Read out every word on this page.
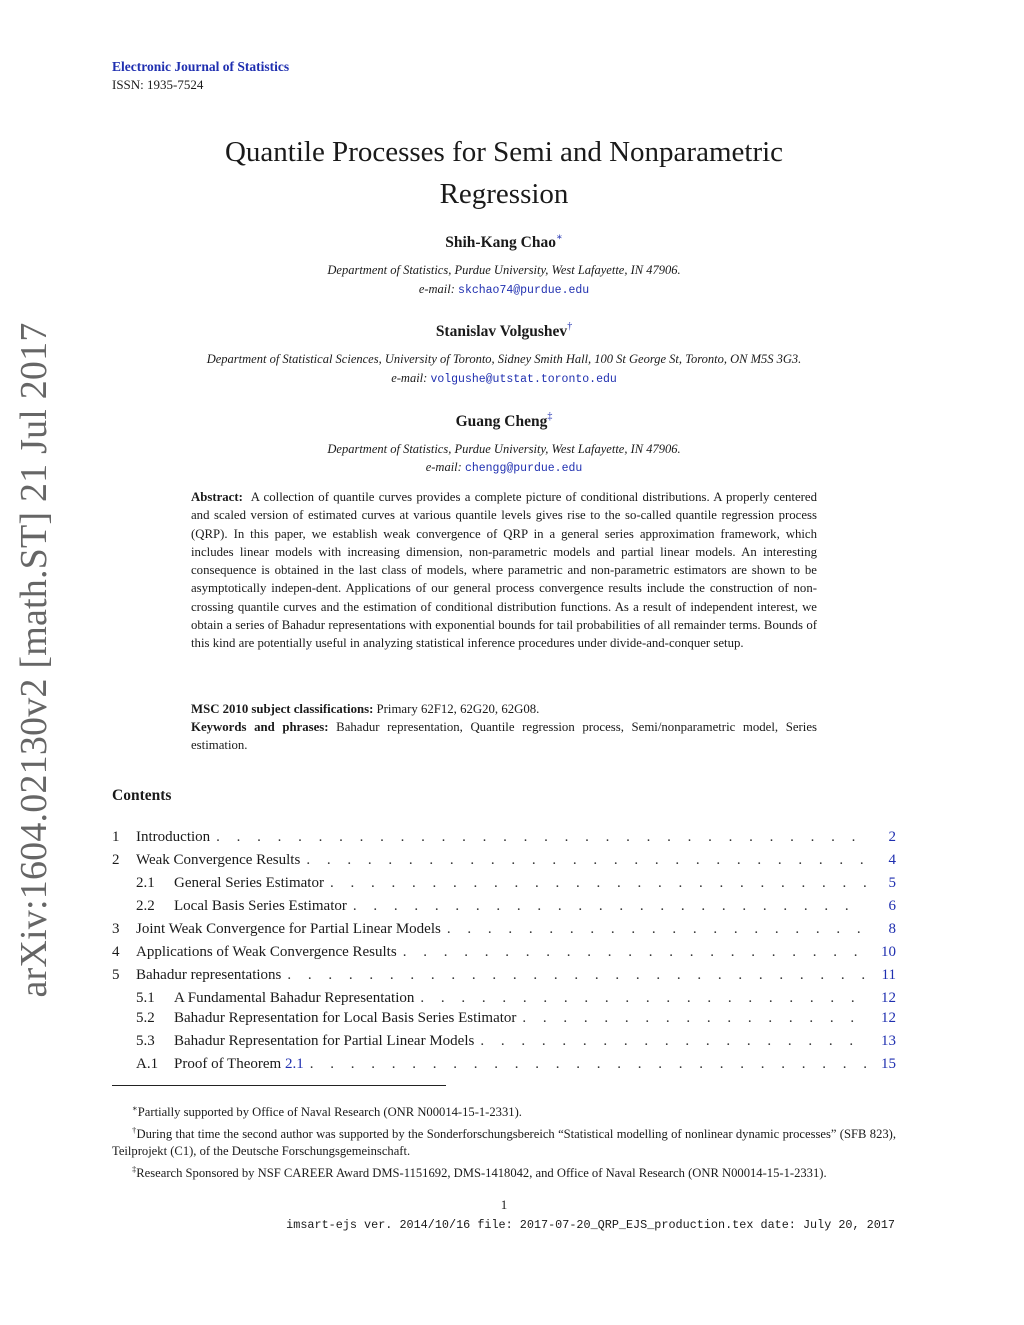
Electronic Journal of Statistics
ISSN: 1935-7524
arXiv:1604.02130v2 [math.ST] 21 Jul 2017
Quantile Processes for Semi and Nonparametric
Regression
Shih-Kang Chao∗
Department of Statistics, Purdue University, West Lafayette, IN 47906.
e-mail: skchao74@purdue.edu
Stanislav Volgushev†
Department of Statistical Sciences, University of Toronto, Sidney Smith Hall, 100 St George St, Toronto, ON M5S 3G3.
e-mail: volgushe@utstat.toronto.edu
Guang Cheng‡
Department of Statistics, Purdue University, West Lafayette, IN 47906.
e-mail: chengg@purdue.edu
Abstract: A collection of quantile curves provides a complete picture of conditional distributions. A properly centered and scaled version of estimated curves at various quantile levels gives rise to the so-called quantile regression process (QRP). In this paper, we establish weak convergence of QRP in a general series approximation framework, which includes linear models with increasing dimension, non-parametric models and partial linear models. An interesting consequence is obtained in the last class of models, where parametric and non-parametric estimators are shown to be asymptotically indepen-dent. Applications of our general process convergence results include the construction of non-crossing quantile curves and the estimation of conditional distribution functions. As a result of independent interest, we obtain a series of Bahadur representations with exponential bounds for tail probabilities of all remainder terms. Bounds of this kind are potentially useful in analyzing statistical inference procedures under divide-and-conquer setup.
MSC 2010 subject classifications: Primary 62F12, 62G20, 62G08.
Keywords and phrases: Bahadur representation, Quantile regression process, Semi/nonparametric model, Series estimation.
Contents
1	Introduction . . .	2
2	Weak Convergence Results . . .	4
2.1	General Series Estimator . . .	5
2.2	Local Basis Series Estimator . . .	6
3	Joint Weak Convergence for Partial Linear Models . . .	8
4	Applications of Weak Convergence Results . . .	10
5	Bahadur representations . . .	11
5.1	A Fundamental Bahadur Representation . . .	12
5.2	Bahadur Representation for Local Basis Series Estimator . . .	12
5.3	Bahadur Representation for Partial Linear Models . . .	13
A.1	Proof of Theorem 2.1 . . .	15

∗Partially supported by Office of Naval Research (ONR N00014-15-1-2331).

†During that time the second author was supported by the Sonderforschungsbereich “Statistical modelling of nonlinear dynamic processes” (SFB 823), Teilprojekt (C1), of the Deutsche Forschungsgemeinschaft.

‡Research Sponsored by NSF CAREER Award DMS-1151692, DMS-1418042, and Office of Naval Research (ONR N00014-15-1-2331).

1
imsart-ejs ver. 2014/10/16 file: 2017-07-20_QRP_EJS_production.tex date: July 20, 2017
